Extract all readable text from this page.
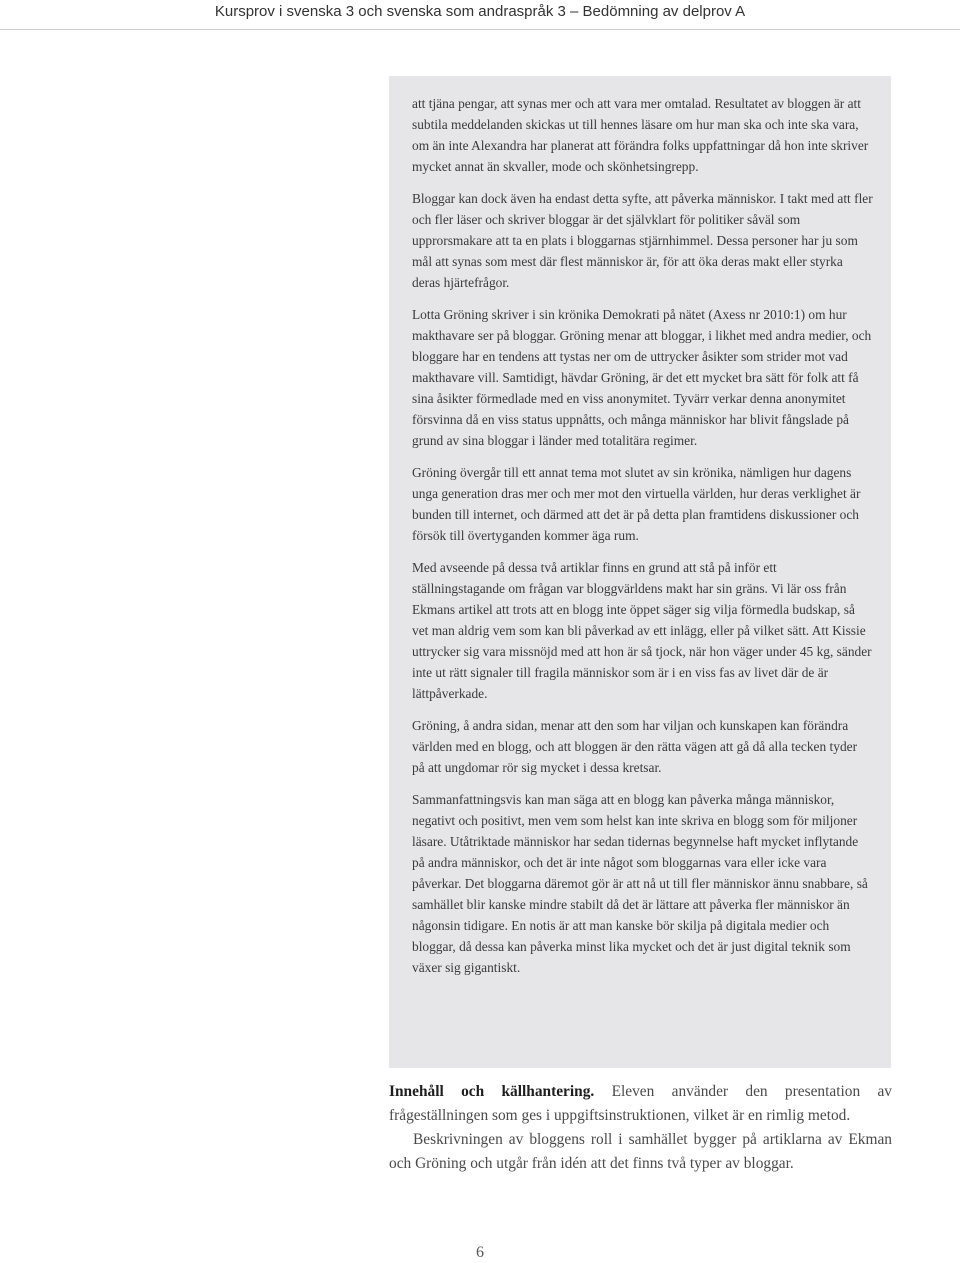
Kursprov i svenska 3 och svenska som andraspråk 3 – Bedömning av delprov A

att tjäna pengar, att synas mer och att vara mer omtalad. Resultatet av bloggen är att subtila meddelanden skickas ut till hennes läsare om hur man ska och inte ska vara, om än inte Alexandra har planerat att förändra folks uppfattningar då hon inte skriver mycket annat än skvaller, mode och skönhetsingrepp.

Bloggar kan dock även ha endast detta syfte, att påverka människor. I takt med att fler och fler läser och skriver bloggar är det självklart för politiker såväl som upprorsmakare att ta en plats i bloggarnas stjärnhimmel. Dessa personer har ju som mål att synas som mest där flest människor är, för att öka deras makt eller styrka deras hjärtefrågor.

Lotta Gröning skriver i sin krönika Demokrati på nätet (Axess nr 2010:1) om hur makthavare ser på bloggar. Gröning menar att bloggar, i likhet med andra medier, och bloggare har en tendens att tystas ner om de uttrycker åsikter som strider mot vad makthavare vill. Samtidigt, hävdar Gröning, är det ett mycket bra sätt för folk att få sina åsikter förmedlade med en viss anonymitet. Tyvärr verkar denna anonymitet försvinna då en viss status uppnåtts, och många människor har blivit fångslade på grund av sina bloggar i länder med totalitära regimer.

Gröning övergår till ett annat tema mot slutet av sin krönika, nämligen hur dagens unga generation dras mer och mer mot den virtuella världen, hur deras verklighet är bunden till internet, och därmed att det är på detta plan framtidens diskussioner och försök till övertyganden kommer äga rum.

Med avseende på dessa två artiklar finns en grund att stå på inför ett ställningstagande om frågan var bloggvärldens makt har sin gräns. Vi lär oss från Ekmans artikel att trots att en blogg inte öppet säger sig vilja förmedla budskap, så vet man aldrig vem som kan bli påverkad av ett inlägg, eller på vilket sätt. Att Kissie uttrycker sig vara missnöjd med att hon är så tjock, när hon väger under 45 kg, sänder inte ut rätt signaler till fragila människor som är i en viss fas av livet där de är lättpåverkade.

Gröning, å andra sidan, menar att den som har viljan och kunskapen kan förändra världen med en blogg, och att bloggen är den rätta vägen att gå då alla tecken tyder på att ungdomar rör sig mycket i dessa kretsar.

Sammanfattningsvis kan man säga att en blogg kan påverka många människor, negativt och positivt, men vem som helst kan inte skriva en blogg som för miljoner läsare. Utåtriktade människor har sedan tidernas begynnelse haft mycket inflytande på andra människor, och det är inte något som bloggarnas vara eller icke vara påverkar. Det bloggarna däremot gör är att nå ut till fler människor ännu snabbare, så samhället blir kanske mindre stabilt då det är lättare att påverka fler människor än någonsin tidigare. En notis är att man kanske bör skilja på digitala medier och bloggar, då dessa kan påverka minst lika mycket och det är just digital teknik som växer sig gigantiskt.

Innehåll och källhantering. Eleven använder den presentation av frågeställningen som ges i uppgiftsinstruktionen, vilket är en rimlig metod.

Beskrivningen av bloggens roll i samhället bygger på artiklarna av Ekman och Gröning och utgår från idén att det finns två typer av bloggar.

6
